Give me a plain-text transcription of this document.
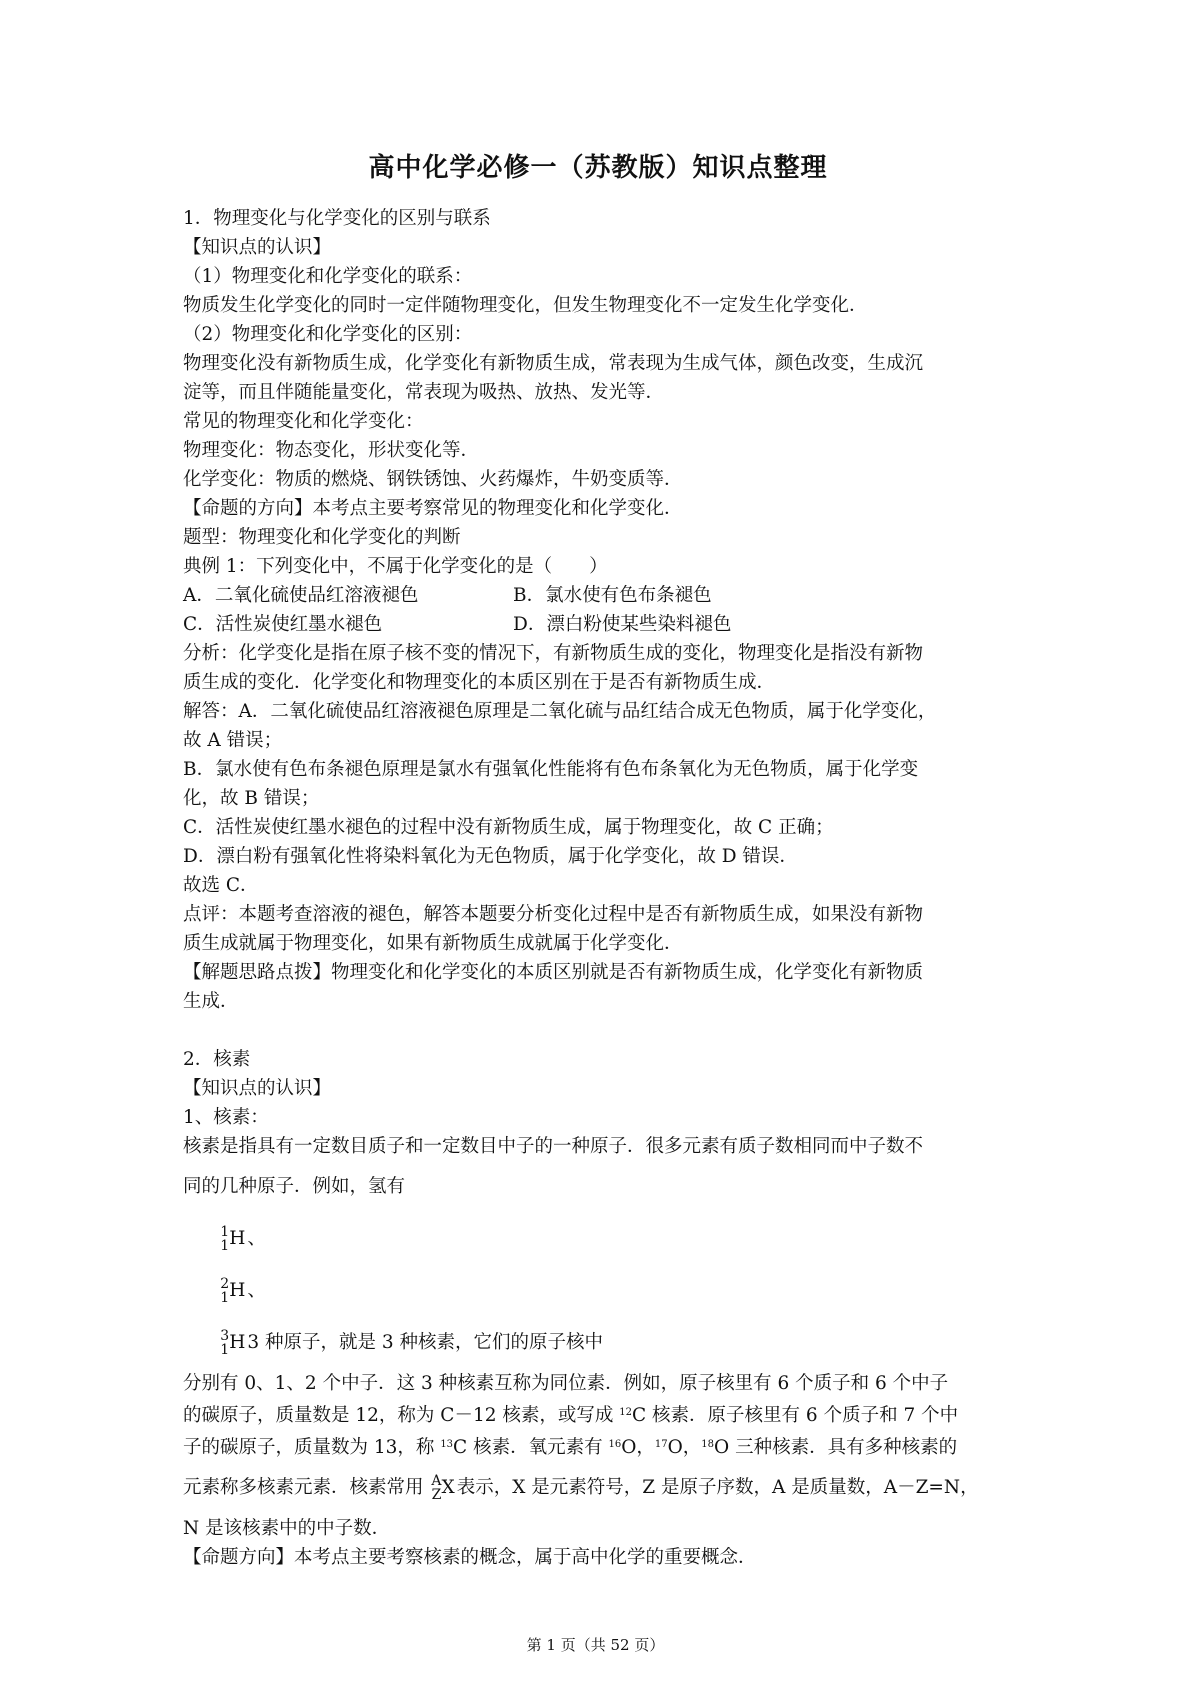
高中化学必修一（苏教版）知识点整理

1．物理变化与化学变化的区别与联系

【知识点的认识】

（1）物理变化和化学变化的联系：

物质发生化学变化的同时一定伴随物理变化，但发生物理变化不一定发生化学变化．

（2）物理变化和化学变化的区别：

物理变化没有新物质生成，化学变化有新物质生成，常表现为生成气体，颜色改变，生成沉

淀等，而且伴随能量变化，常表现为吸热、放热、发光等．

常见的物理变化和化学变化：

物理变化：物态变化，形状变化等．

化学变化：物质的燃烧、钢铁锈蚀、火药爆炸，牛奶变质等．

【命题的方向】本考点主要考察常见的物理变化和化学变化．

题型：物理变化和化学变化的判断

典例 1：下列变化中，不属于化学变化的是（　　）

A．二氧化硫使品红溶液褪色	B．氯水使有色布条褪色
C．活性炭使红墨水褪色	D．漂白粉使某些染料褪色

分析：化学变化是指在原子核不变的情况下，有新物质生成的变化，物理变化是指没有新物

质生成的变化．化学变化和物理变化的本质区别在于是否有新物质生成．

解答：A．二氧化硫使品红溶液褪色原理是二氧化硫与品红结合成无色物质，属于化学变化，

故 A 错误；

B．氯水使有色布条褪色原理是氯水有强氧化性能将有色布条氧化为无色物质，属于化学变

化，故 B 错误；

C．活性炭使红墨水褪色的过程中没有新物质生成，属于物理变化，故 C 正确；

D．漂白粉有强氧化性将染料氧化为无色物质，属于化学变化，故 D 错误．

故选 C．

点评：本题考查溶液的褪色，解答本题要分析变化过程中是否有新物质生成，如果没有新物

质生成就属于物理变化，如果有新物质生成就属于化学变化．

【解题思路点拨】物理变化和化学变化的本质区别就是否有新物质生成，化学变化有新物质

生成．

2．核素

【知识点的认识】

1、核素：

核素是指具有一定数目质子和一定数目中子的一种原子．很多元素有质子数相同而中子数不

同的几种原子．例如，氢有

1
1 H 、

2
1 H 、

3
1 H 3 种原子，就是 3 种核素，它们的原子核中

分别有 0、1、2 个中子．这 3 种核素互称为同位素．例如，原子核里有 6 个质子和 6 个中子

的碳原子，质量数是 12，称为 C－12 核素，或写成 $^{12}$C 核素．原子核里有 6 个质子和 7 个中

子的碳原子，质量数为 13，称 $^{13}$C 核素．氧元素有 $^{16}$O，$^{17}$O，$^{18}$O 三种核素．具有多种核素的

元素称多核素元素．核素常用 A
Z X 表示，X 是元素符号，Z 是原子序数，A 是质量数，A－Z=N，

N 是该核素中的中子数．

【命题方向】本考点主要考察核素的概念，属于高中化学的重要概念．

第 1 页（共 52 页）
